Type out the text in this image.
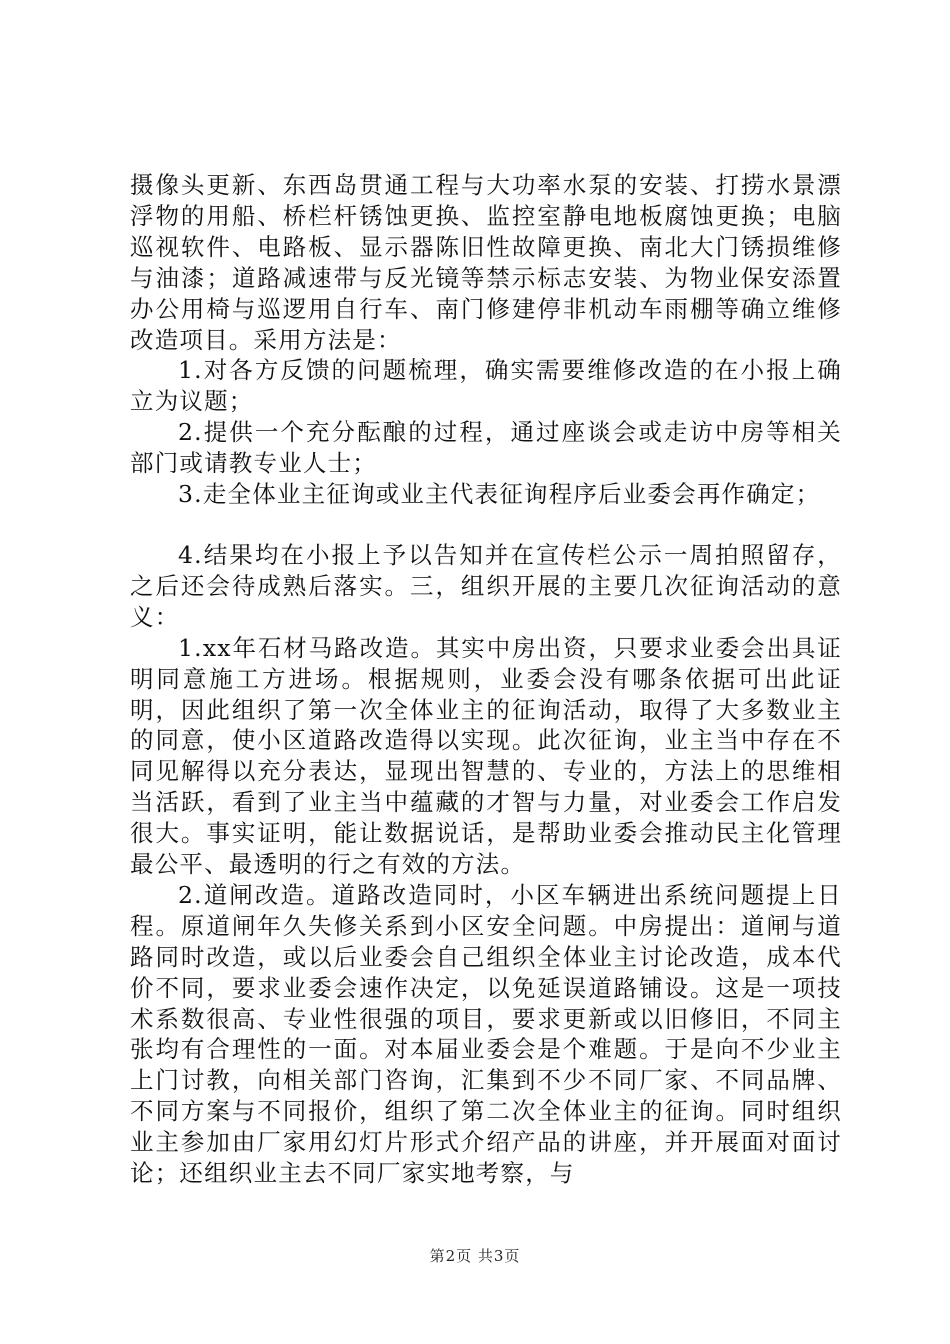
摄像头更新、东西岛贯通工程与大功率水泵的安装、打捞水景漂浮物的用船、桥栏杆锈蚀更换、监控室静电地板腐蚀更换；电脑巡视软件、电路板、显示器陈旧性故障更换、南北大门锈损维修与油漆；道路减速带与反光镜等禁示标志安装、为物业保安添置办公用椅与巡逻用自行车、南门修建停非机动车雨棚等确立维修改造项目。采用方法是：

1.对各方反馈的问题梳理，确实需要维修改造的在小报上确立为议题；

2.提供一个充分酝酿的过程，通过座谈会或走访中房等相关部门或请教专业人士；

3.走全体业主征询或业主代表征询程序后业委会再作确定；

4.结果均在小报上予以告知并在宣传栏公示一周拍照留存，之后还会待成熟后落实。三，组织开展的主要几次征询活动的意义：

1.xx年石材马路改造。其实中房出资，只要求业委会出具证明同意施工方进场。根据规则，业委会没有哪条依据可出此证明，因此组织了第一次全体业主的征询活动，取得了大多数业主的同意，使小区道路改造得以实现。此次征询，业主当中存在不同见解得以充分表达，显现出智慧的、专业的，方法上的思维相当活跃，看到了业主当中蕴藏的才智与力量，对业委会工作启发很大。事实证明，能让数据说话，是帮助业委会推动民主化管理最公平、最透明的行之有效的方法。

2.道闸改造。道路改造同时，小区车辆进出系统问题提上日程。原道闸年久失修关系到小区安全问题。中房提出：道闸与道路同时改造，或以后业委会自己组织全体业主讨论改造，成本代价不同，要求业委会速作决定，以免延误道路铺设。这是一项技术系数很高、专业性很强的项目，要求更新或以旧修旧，不同主张均有合理性的一面。对本届业委会是个难题。于是向不少业主上门讨教，向相关部门咨询，汇集到不少不同厂家、不同品牌、不同方案与不同报价，组织了第二次全体业主的征询。同时组织业主参加由厂家用幻灯片形式介绍产品的讲座，并开展面对面讨论；还组织业主去不同厂家实地考察，与

第2页 共3页
